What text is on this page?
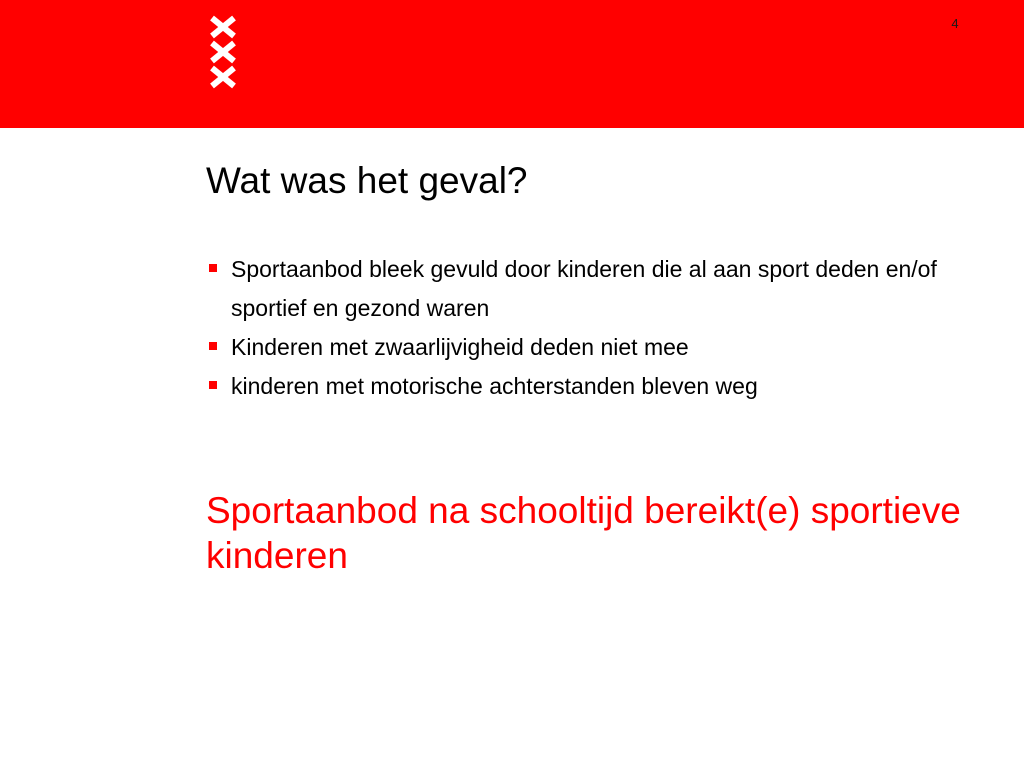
4
Wat was het geval?
Sportaanbod bleek gevuld door kinderen die al aan sport deden en/of sportief en gezond waren
Kinderen met zwaarlijvigheid deden niet mee
kinderen met motorische achterstanden bleven weg

Sportaanbod na schooltijd bereikt(e) sportieve kinderen
